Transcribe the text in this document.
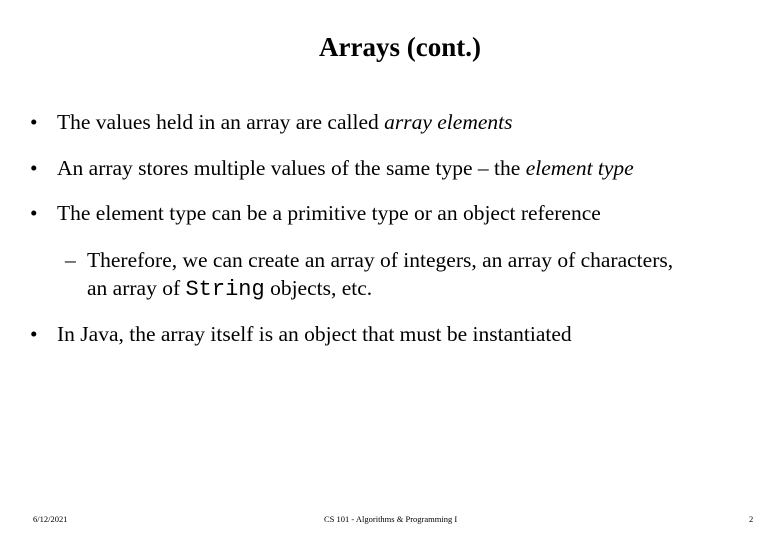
Arrays (cont.)
• The values held in an array are called array elements
• An array stores multiple values of the same type – the element type
• The element type can be a primitive type or an object reference
– Therefore, we can create an array of integers, an array of characters,
an array of String objects, etc.
• In Java, the array itself is an object that must be instantiated
6/12/2021	CS 101 - Algorithms & Programming I	2
